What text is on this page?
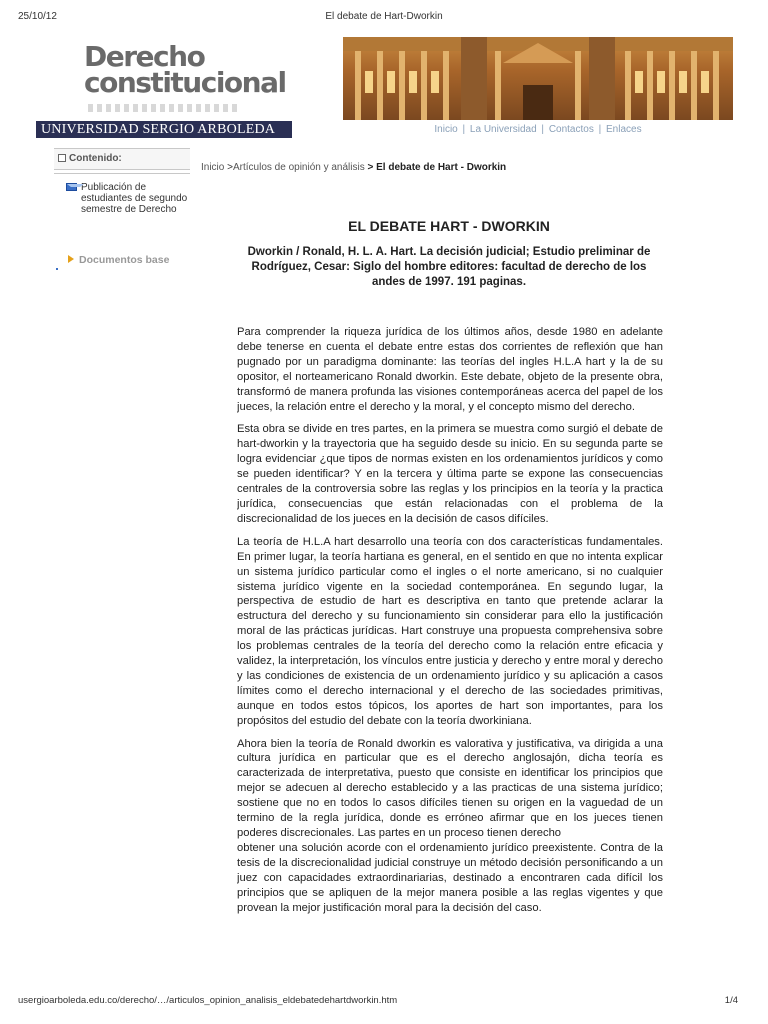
25/10/12	El debate de Hart-Dworkin
Derecho
constitucional
UNIVERSIDAD SERGIO ARBOLEDA	Inicio | La Universidad | Contactos | Enlaces
Contenido:
Publicación de estudiantes de segundo semestre de Derecho
Documentos base
Inicio >Artículos de opinión y análisis > El debate de Hart - Dworkin
EL DEBATE HART - DWORKIN
Dworkin / Ronald, H. L. A. Hart. La decisión judicial; Estudio preliminar de Rodríguez, Cesar: Siglo del hombre editores: facultad de derecho de los andes de 1997. 191 paginas.

Para comprender la riqueza jurídica de los últimos años, desde 1980 en adelante debe tenerse en cuenta el debate entre estas dos corrientes de reflexión que han pugnado por un paradigma dominante: las teorías del ingles H.L.A hart y la de su opositor, el norteamericano Ronald dworkin. Este debate, objeto de la presente obra, transformó de manera profunda las visiones contemporáneas acerca del papel de los jueces, la relación entre el derecho y la moral, y el concepto mismo del derecho.

Esta obra se divide en tres partes, en la primera se muestra como surgió el debate de hart-dworkin y la trayectoria que ha seguido desde su inicio. En su segunda parte se logra evidenciar ¿que tipos de normas existen en los ordenamientos jurídicos y como se pueden identificar? Y en la tercera y última parte se expone las consecuencias centrales de la controversia sobre las reglas y los principios en la teoría y la practica jurídica, consecuencias que están relacionadas con el problema de la discrecionalidad de los jueces en la decisión de casos difíciles.

La teoría de H.L.A hart desarrollo una teoría con dos características fundamentales. En primer lugar, la teoría hartiana es general, en el sentido en que no intenta explicar un sistema jurídico particular como el ingles o el norte americano, si no cualquier sistema jurídico vigente en la sociedad contemporánea. En segundo lugar, la perspectiva de estudio de hart es descriptiva en tanto que pretende aclarar la estructura del derecho y su funcionamiento sin considerar para ello la justificación moral de las prácticas jurídicas. Hart construye una propuesta comprehensiva sobre los problemas centrales de la teoría del derecho como la relación entre eficacia y validez, la interpretación, los vínculos entre justicia y derecho y entre moral y derecho y las condiciones de existencia de un ordenamiento jurídico y su aplicación a casos límites como el derecho internacional y el derecho de las sociedades primitivas, aunque en todos estos tópicos, los aportes de hart son importantes, para los propósitos del estudio del debate con la teoría dworkiniana.

Ahora bien la teoría de Ronald dworkin es valorativa y justificativa, va dirigida a una cultura jurídica en particular que es el derecho anglosajón, dicha teoría es caracterizada de interpretativa, puesto que consiste en identificar los principios que mejor se adecuen al derecho establecido y a las practicas de una sistema jurídico; sostiene que no en todos lo casos difíciles tienen su origen en la vaguedad de un termino de la regla jurídica, donde es erróneo afirmar que en los jueces tienen poderes discrecionales. Las partes en un proceso tienen derecho

obtener una solución acorde con el ordenamiento jurídico preexistente. Contra de la tesis de la discrecionalidad judicial construye un método decisión personificando a un juez con capacidades extraordinariarias, destinado a encontraren cada difícil los principios que se apliquen de la mejor manera posible a las reglas vigentes y que provean la mejor justificación moral para la decisión del caso.

usergioarboleda.edu.co/derecho/…/articulos_opinion_analisis_eldebatedehartdworkin.htm	1/4
